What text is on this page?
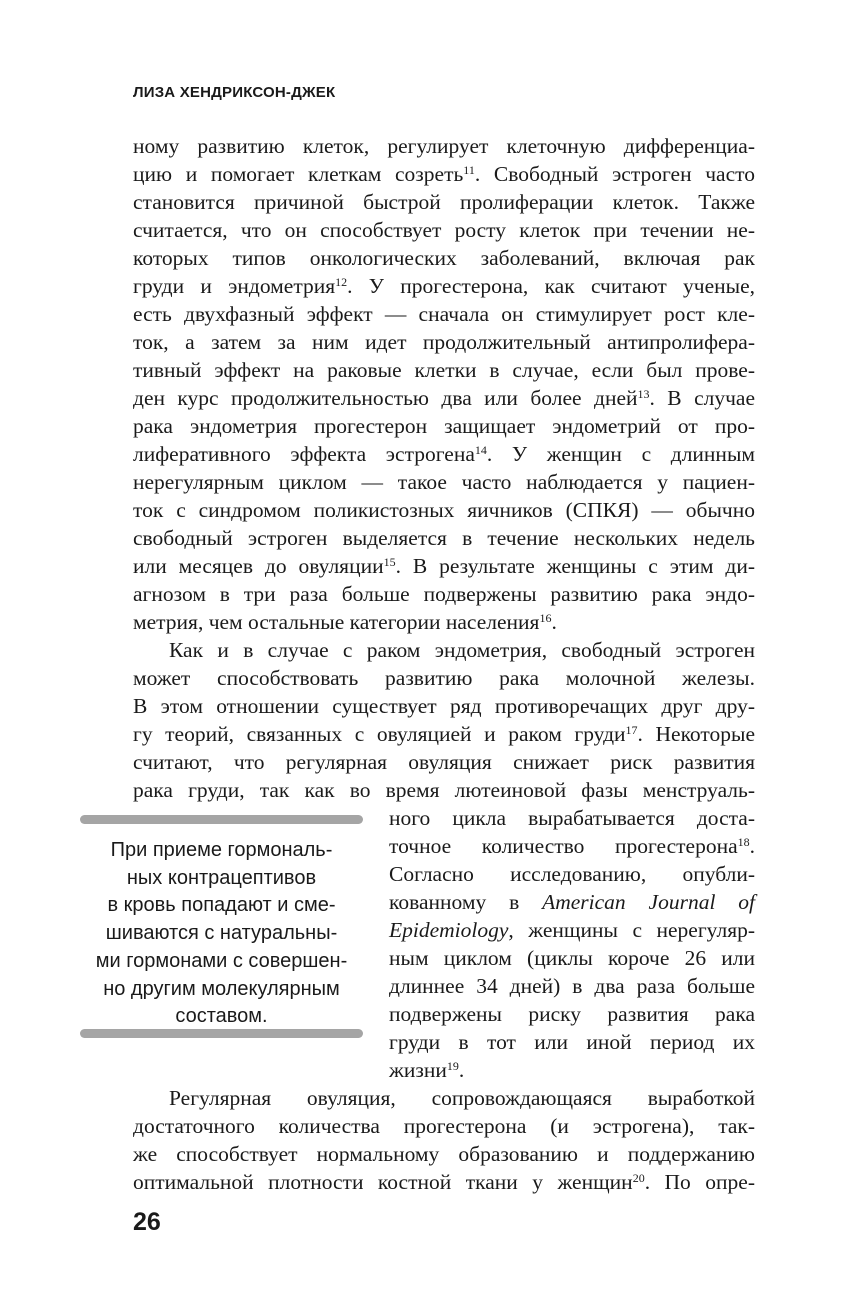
ЛИЗА ХЕНДРИКСОН-ДЖЕК
ному развитию клеток, регулирует клеточную дифференциа-
цию и помогает клеткам созреть$^{11}$. Свободный эстроген часто
становится причиной быстрой пролиферации клеток. Также
считается, что он способствует росту клеток при течении не-
которых типов онкологических заболеваний, включая рак
груди и эндометрия$^{12}$. У прогестерона, как считают ученые,
есть двухфазный эффект — сначала он стимулирует рост кле-
ток, а затем за ним идет продолжительный антипролифера-
тивный эффект на раковые клетки в случае, если был прове-
ден курс продолжительностью два или более дней$^{13}$. В случае
рака эндометрия прогестерон защищает эндометрий от про-
лиферативного эффекта эстрогена$^{14}$. У женщин с длинным
нерегулярным циклом — такое часто наблюдается у пациен-
ток с синдромом поликистозных яичников (СПКЯ) — обычно
свободный эстроген выделяется в течение нескольких недель
или месяцев до овуляции$^{15}$. В результате женщины с этим ди-
агнозом в три раза больше подвержены развитию рака эндо-
метрия, чем остальные категории населения$^{16}$.
Как и в случае с раком эндометрия, свободный эстроген
может способствовать развитию рака молочной железы.
В этом отношении существует ряд противоречащих друг дру-
гу теорий, связанных с овуляцией и раком груди$^{17}$. Некоторые
считают, что регулярная овуляция снижает риск развития
рака груди, так как во время лютеиновой фазы менструаль-
ного цикла вырабатывается доста-
точное количество прогестерона$^{18}$.
Согласно исследованию, опубли-
кованному в American Journal of
Epidemiology, женщины с нерегуляр-
ным циклом (циклы короче 26 или
длиннее 34 дней) в два раза больше
подвержены риску развития рака
груди в тот или иной период их
жизни$^{19}$.
Регулярная овуляция, сопровождающаяся выработкой
достаточного количества прогестерона (и эстрогена), так-
же способствует нормальному образованию и поддержанию
оптимальной плотности костной ткани у женщин$^{20}$. По опре-
При приеме гормональ-
ных контрацептивов
в кровь попадают и сме-
шиваются с натуральны-
ми гормонами с совершен-
но другим молекулярным
составом.
26
